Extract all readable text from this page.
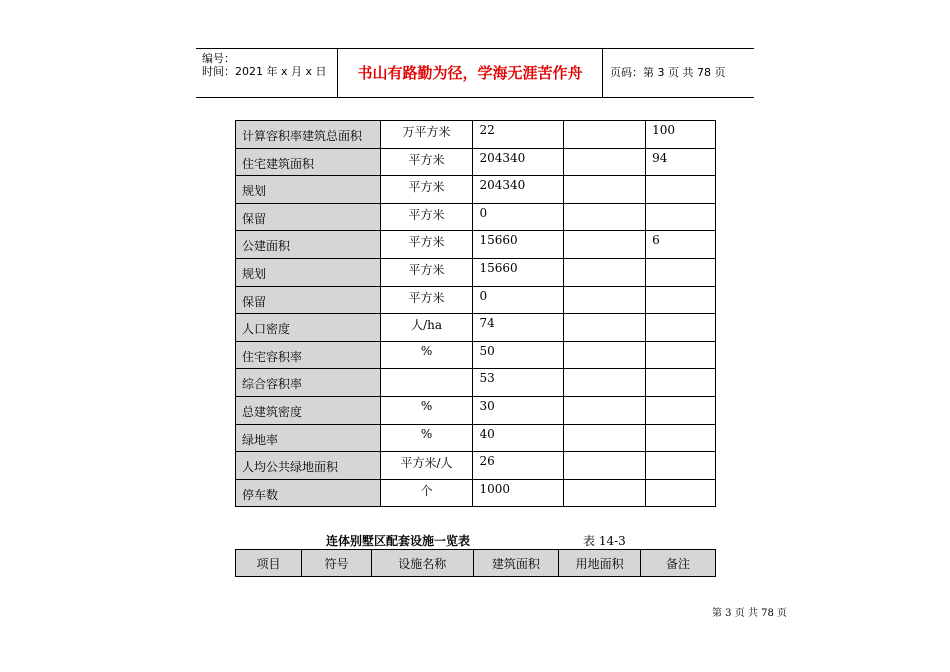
编号：
时间：2021 年 x 月 x 日	书山有路勤为径，学海无涯苦作舟	页码：第 3 页 共 78 页
计算容积率建筑总面积	万平方米	22		100
住宅建筑面积	平方米	204340		94
规划	平方米	204340		
保留	平方米	0		
公建面积	平方米	15660		6
规划	平方米	15660		
保留	平方米	0		
人口密度	人/ha	74		
住宅容积率	%	50		
综合容积率		53		
总建筑密度	%	30		
绿地率	%	40		
人均公共绿地面积	平方米/人	26		
停车数	个	1000		
连体别墅区配套设施一览表	表 14-3
项目	符号	设施名称	建筑面积	用地面积	备注
第 3 页 共 78 页
